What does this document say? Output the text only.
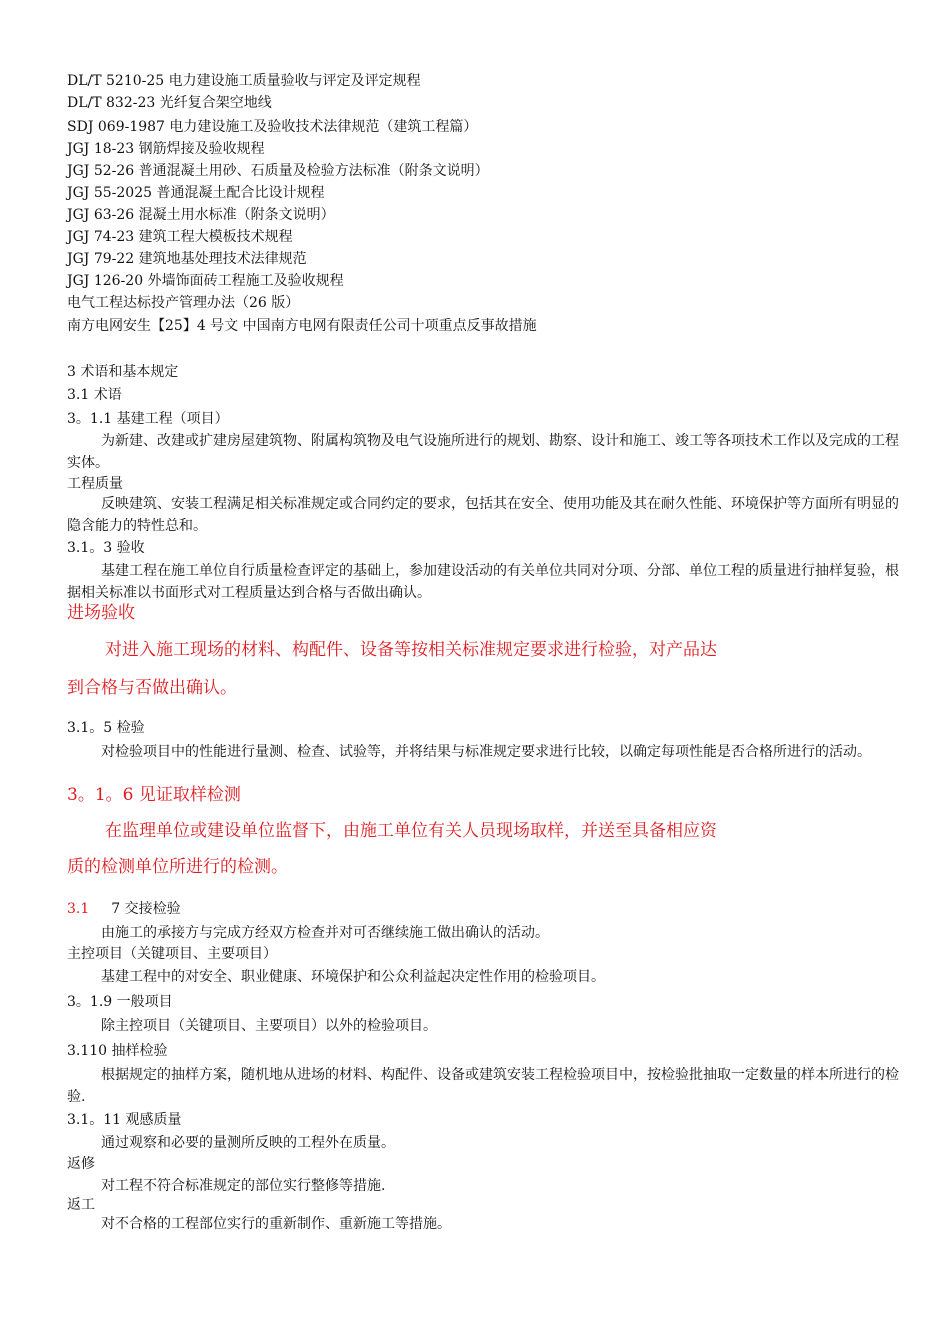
DL/T 5210-25 电力建设施工质量验收与评定及评定规程
DL/T 832-23 光纤复合架空地线
SDJ 069-1987 电力建设施工及验收技术法律规范（建筑工程篇）
JGJ 18-23 钢筋焊接及验收规程
JGJ 52-26 普通混凝土用砂、石质量及检验方法标准（附条文说明）
JGJ 55-2025 普通混凝土配合比设计规程
JGJ 63-26 混凝土用水标准（附条文说明）
JGJ 74-23 建筑工程大模板技术规程
JGJ 79-22 建筑地基处理技术法律规范
JGJ 126-20 外墙饰面砖工程施工及验收规程
电气工程达标投产管理办法（26 版）
南方电网安生【25】4 号文 中国南方电网有限责任公司十项重点反事故措施
3 术语和基本规定
3.1 术语
3。1.1 基建工程（项目）
为新建、改建或扩建房屋建筑物、附属构筑物及电气设施所进行的规划、勘察、设计和施工、竣工等各项技术工作以及完成的工程实体。
工程质量
反映建筑、安装工程满足相关标准规定或合同约定的要求，包括其在安全、使用功能及其在耐久性能、环境保护等方面所有明显的隐含能力的特性总和。
3.1。3 验收
基建工程在施工单位自行质量检查评定的基础上，参加建设活动的有关单位共同对分项、分部、单位工程的质量进行抽样复验，根据相关标准以书面形式对工程质量达到合格与否做出确认。
进场验收
对进入施工现场的材料、构配件、设备等按相关标准规定要求进行检验，对产品达
到合格与否做出确认。
3.1。5 检验
对检验项目中的性能进行量测、检查、试验等，并将结果与标准规定要求进行比较，以确定每项性能是否合格所进行的活动。
3。1。6 见证取样检测
在监理单位或建设单位监督下，由施工单位有关人员现场取样，并送至具备相应资
质的检测单位所进行的检测。
3.1 7 交接检验
由施工的承接方与完成方经双方检查并对可否继续施工做出确认的活动。
主控项目（关键项目、主要项目）
基建工程中的对安全、职业健康、环境保护和公众利益起决定性作用的检验项目。
3。1.9 一般项目
除主控项目（关键项目、主要项目）以外的检验项目。
3.110 抽样检验
根据规定的抽样方案，随机地从进场的材料、构配件、设备或建筑安装工程检验项目中，按检验批抽取一定数量的样本所进行的检验.
3.1。11 观感质量
通过观察和必要的量测所反映的工程外在质量。
返修
对工程不符合标准规定的部位实行整修等措施.
返工
对不合格的工程部位实行的重新制作、重新施工等措施。
